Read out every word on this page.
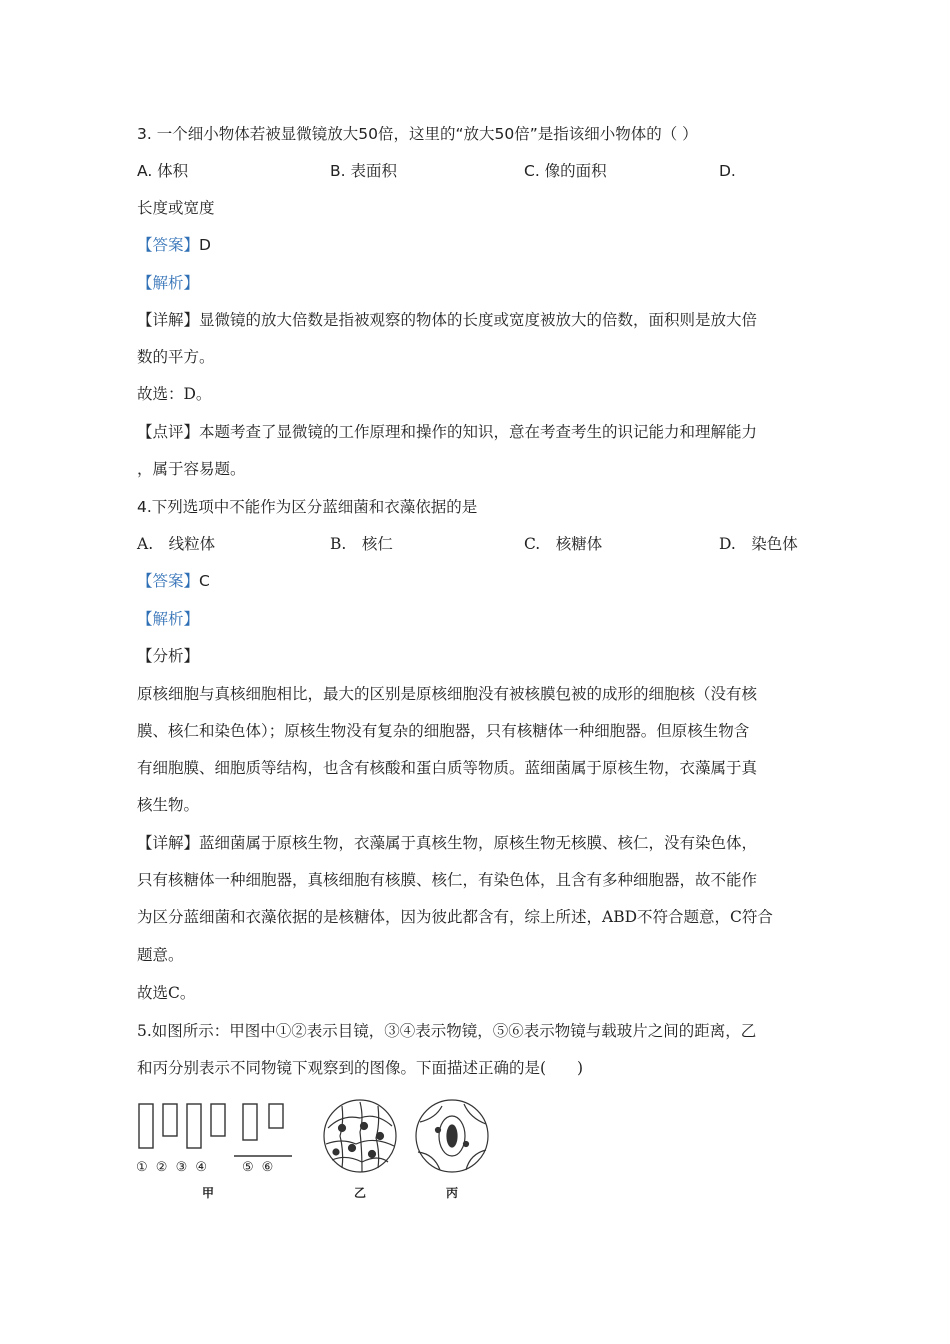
3. 一个细小物体若被显微镜放大50倍，这里的“放大50倍”是指该细小物体的（ ）
A. 体积	B. 表面积	C. 像的面积	D.
长度或宽度
【答案】D
【解析】
【详解】显微镜的放大倍数是指被观察的物体的长度或宽度被放大的倍数，面积则是放大倍
数的平方。
故选：D。
【点评】本题考查了显微镜的工作原理和操作的知识，意在考查考生的识记能力和理解能力
，属于容易题。
4.下列选项中不能作为区分蓝细菌和衣藻依据的是
A.　线粒体	B.　核仁	C.　核糖体	D.　染色体
【答案】C
【解析】
【分析】
原核细胞与真核细胞相比，最大的区别是原核细胞没有被核膜包被的成形的细胞核（没有核
膜、核仁和染色体）；原核生物没有复杂的细胞器，只有核糖体一种细胞器。但原核生物含
有细胞膜、细胞质等结构，也含有核酸和蛋白质等物质。蓝细菌属于原核生物，衣藻属于真
核生物。
【详解】蓝细菌属于原核生物，衣藻属于真核生物，原核生物无核膜、核仁，没有染色体，
只有核糖体一种细胞器，真核细胞有核膜、核仁，有染色体，且含有多种细胞器，故不能作
为区分蓝细菌和衣藻依据的是核糖体，因为彼此都含有，综上所述，ABD不符合题意，C符合
题意。
故选C。
5.如图所示：甲图中①②表示目镜，③④表示物镜，⑤⑥表示物镜与载玻片之间的距离，乙
和丙分别表示不同物镜下观察到的图像。下面描述正确的是(　　)
① ② ③ ④	⑤⑥
甲	乙	丙
